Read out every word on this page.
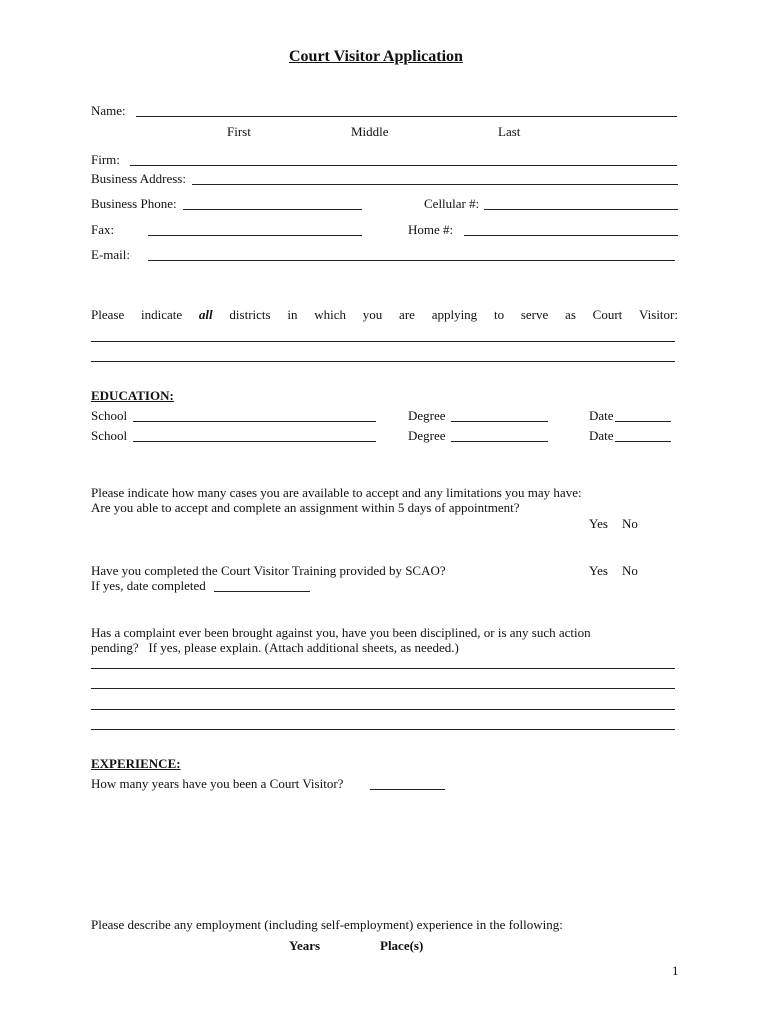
Court Visitor Application
Name:
First	Middle	Last
Firm:
Business Address:
Business Phone:	Cellular #:
Fax:	Home #:
E-mail:
Please indicate all districts in which you are applying to serve as Court Visitor:
EDUCATION:
School	Degree	Date
School	Degree	Date
Please indicate how many cases you are available to accept and any limitations you may have:
Are you able to accept and complete an assignment within 5 days of appointment?
Yes No
Have you completed the Court Visitor Training provided by SCAO?	Yes No
If yes, date completed
Has a complaint ever been brought against you, have you been disciplined, or is any such action
pending?   If yes, please explain. (Attach additional sheets, as needed.)
EXPERIENCE:
How many years have you been a Court Visitor?
Please describe any employment (including self-employment) experience in the following:
Years	Place(s)
1
